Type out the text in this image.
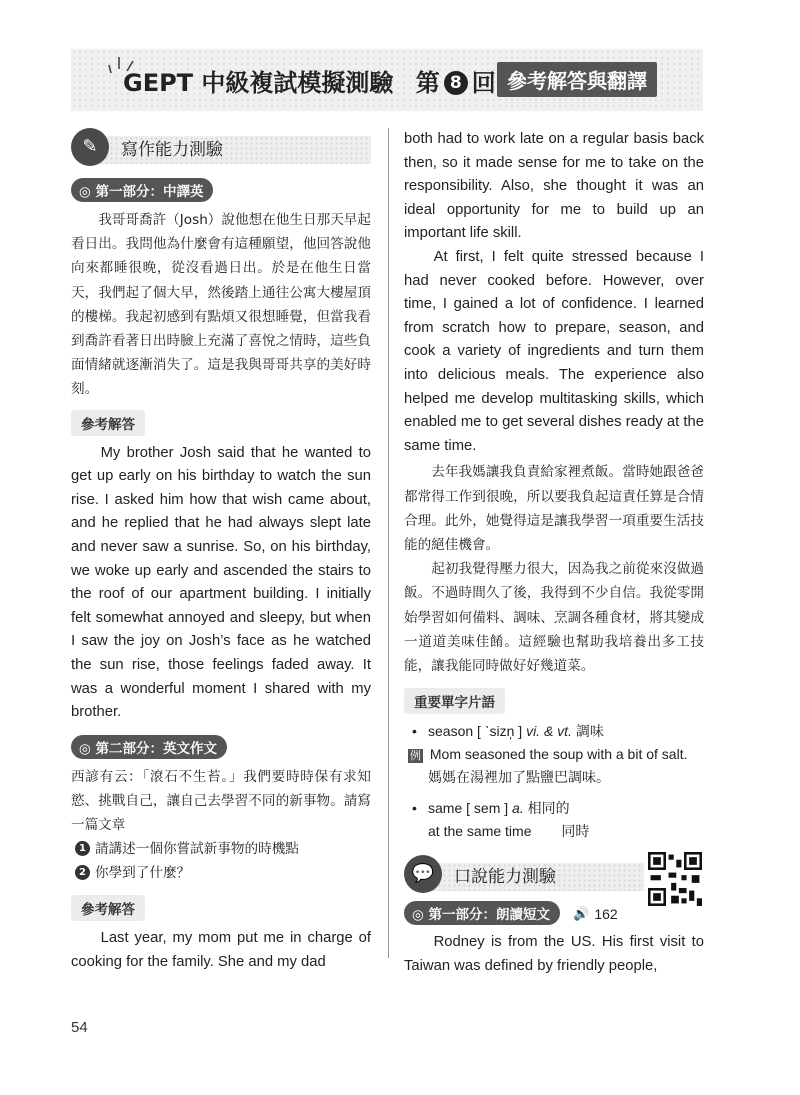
GEPT 中級複試模擬測驗 第 8 回 參考解答與翻譯
✎	寫作能力測驗
◎ 第一部分：中譯英

我哥哥喬許（Josh）說他想在他生日那天早起看日出。我問他為什麼會有這種願望，他回答說他向來都睡很晚，從沒看過日出。於是在他生日當天，我們起了個大早，然後踏上通往公寓大樓屋頂的樓梯。我起初感到有點煩又很想睡覺，但當我看到喬許看著日出時臉上充滿了喜悅之情時，這些負面情緒就逐漸消失了。這是我與哥哥共享的美好時刻。

參考解答

My brother Josh said that he wanted to get up early on his birthday to watch the sun rise. I asked him how that wish came about, and he replied that he had always slept late and never saw a sunrise. So, on his birthday, we woke up early and ascended the stairs to the roof of our apartment building. I initially felt somewhat annoyed and sleepy, but when I saw the joy on Josh’s face as he watched the sun rise, those feelings faded away. It was a wonderful moment I shared with my brother.

◎ 第二部分：英文作文

西諺有云：「滾石不生苔。」我們要時時保有求知慾、挑戰自己，讓自己去學習不同的新事物。請寫一篇文章

1 請講述一個你嘗試新事物的時機點
2 你學到了什麼？
參考解答

Last year, my mom put me in charge of cooking for the family. She and my dad

both had to work late on a regular basis back then, so it made sense for me to take on the responsibility. Also, she thought it was an ideal opportunity for me to build up an important life skill.

At first, I felt quite stressed because I had never cooked before. However, over time, I gained a lot of confidence. I learned from scratch how to prepare, season, and cook a variety of ingredients and turn them into delicious meals. The experience also helped me develop multitasking skills, which enabled me to get several dishes ready at the same time.

去年我媽讓我負責給家裡煮飯。當時她跟爸爸都常得工作到很晚，所以要我負起這責任算是合情合理。此外，她覺得這是讓我學習一項重要生活技能的絕佳機會。

起初我覺得壓力很大，因為我之前從來沒做過飯。不過時間久了後，我得到不少自信。我從零開始學習如何備料、調味、烹調各種食材，將其變成一道道美味佳餚。這經驗也幫助我培養出多工技能，讓我能同時做好好幾道菜。

重要單字片語
• season [ ˋsizn̩ ] vi. & vt. 調味
例 Mom seasoned the soup with a bit of salt.
媽媽在湯裡加了點鹽巴調味。
• same [ sem ] a. 相同的
at the same time 同時
💬	口說能力測驗
◎ 第一部分：朗讀短文 🔊 162

Rodney is from the US. His first visit to Taiwan was defined by friendly people,

54
